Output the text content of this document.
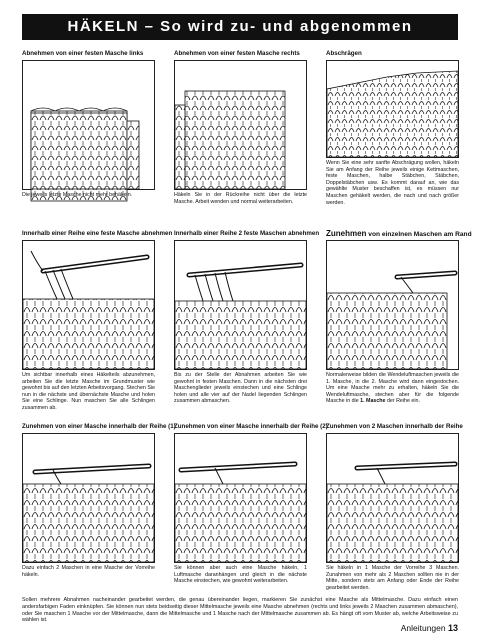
HÄKELN – So wird zu- und abgenommen
Abnehmen von einer festen Masche links
Die jeweils letzte Masche nicht mehr behäkeln.
Abnehmen von einer festen Masche rechts
Häkeln Sie in der Rückreihe nicht über die letzte Masche. Arbeit wenden und normal weiterarbeiten.
Abschrägen
Wenn Sie eine sehr sanfte Abschrägung wollen, häkeln Sie am Anfang der Reihe jeweils einige Kettmaschen, feste Maschen, halbe Stäbchen, Stäbchen, Doppelstäbchen usw. Es kommt darauf an, wie das gewählte Muster beschaffen ist, es müssen nur Maschen gehäkelt werden, die nach und nach größer werden.
Innerhalb einer Reihe eine feste Masche abnehmen
Um sichtbar innerhalb eines Häkelteils abzunehmen, arbeiten Sie die letzte Masche im Grundmuster wie gewohnt bis auf den letzten Arbeitsvorgang. Stechen Sie nun in die nächste und übernächste Masche und holen Sie eine Schlinge. Nun maschen Sie alle Schlingen zusammen ab.
Innerhalb einer Reihe 2 feste Maschen abnehmen
Bis zu der Stelle der Abnahmen arbeiten Sie wie gewohnt in festen Maschen. Dann in die nächsten drei Maschenglieder jeweils einstechen und eine Schlinge holen und alle vier auf der Nadel liegenden Schlingen zusammen abmaschen.
Zunehmen von einzelnen Maschen am Rand
Normalerweise bilden die Wendeluftmaschen jeweils die 1. Masche, in die 2. Masche wird dann eingestochen. Um eine Masche mehr zu erhalten, häkeln Sie die Wendeluftmasche, stechen aber für die folgende Masche in die 1. Masche der Reihe ein.
Zunehmen von einer Masche innerhalb der Reihe (1)
Dazu einfach 2 Maschen in eine Masche der Vorreihe häkeln.
Zunehmen von einer Masche innerhalb der Reihe (2)
Sie können aber auch eine Masche häkeln, 1 Luftmasche daranhängen und gleich in die nächste Masche einstechen, wie gewohnt weiterarbeiten.
Zunehmen von 2 Maschen innerhalb der Reihe
Sie häkeln in 1 Masche der Vorreihe 3 Maschen. Zunahmen von mehr als 2 Maschen sollten nie in der Mitte, sondern stets am Anfang oder Ende der Reihe gearbeitet werden.
Sollen mehrere Abnahmen nacheinander gearbeitet werden, die genau übereinander liegen, markieren Sie zunächst eine Masche als Mittelmasche. Dazu einfach einen andersfarbigen Faden einknüpfen. Sie können nun stets beidseitig dieser Mittelmasche jeweils eine Masche abnehmen (rechts und links jeweils 2 Maschen zusammen abmaschen), oder Sie maschen 1 Masche vor der Mittelmasche, dann die Mittelmasche und 1 Masche nach der Mittelmasche zusammen ab. Es hängt oft vom Muster ab, welche Arbeitsweise zu wählen ist.
Anleitungen 13
